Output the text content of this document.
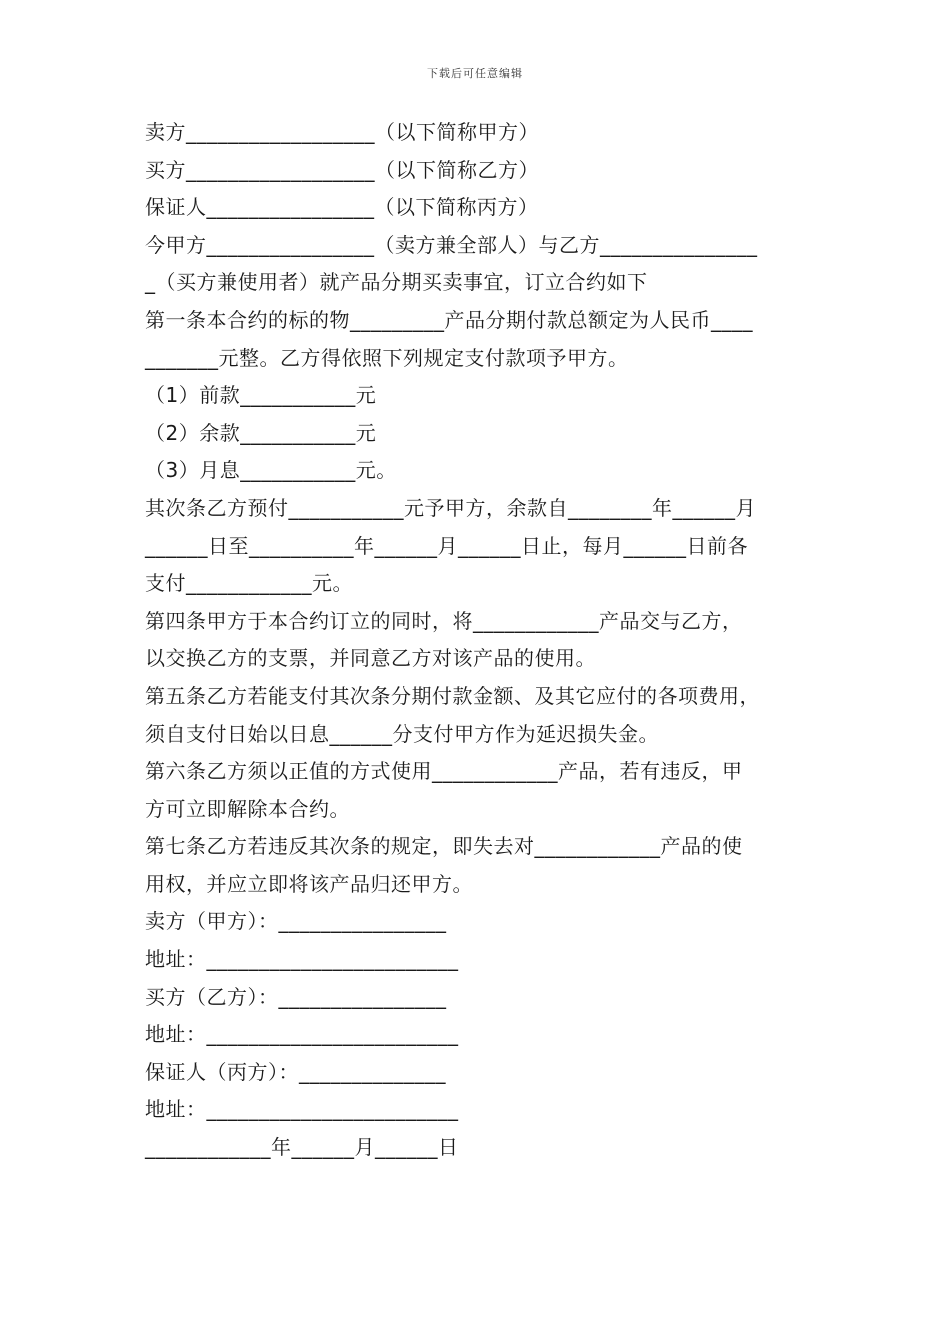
下载后可任意编辑
卖方__________________（以下简称甲方）
买方__________________（以下简称乙方）
保证人________________（以下简称丙方）
今甲方________________（卖方兼全部人）与乙方_______________
_（买方兼使用者）就产品分期买卖事宜，订立合约如下
第一条本合约的标的物_________产品分期付款总额定为人民币____
_______元整。乙方得依照下列规定支付款项予甲方。
（1）前款___________元
（2）余款___________元
（3）月息___________元。
其次条乙方预付___________元予甲方，余款自________年______月
______日至__________年______月______日止，每月______日前各
支付____________元。
第四条甲方于本合约订立的同时，将____________产品交与乙方，
以交换乙方的支票，并同意乙方对该产品的使用。
第五条乙方若能支付其次条分期付款金额、及其它应付的各项费用，
须自支付日始以日息______分支付甲方作为延迟损失金。
第六条乙方须以正值的方式使用____________产品，若有违反，甲
方可立即解除本合约。
第七条乙方若违反其次条的规定，即失去对____________产品的使
用权，并应立即将该产品归还甲方。
卖方（甲方）：________________
地址：________________________
买方（乙方）：________________
地址：________________________
保证人（丙方）：______________
地址：________________________
____________年______月______日
